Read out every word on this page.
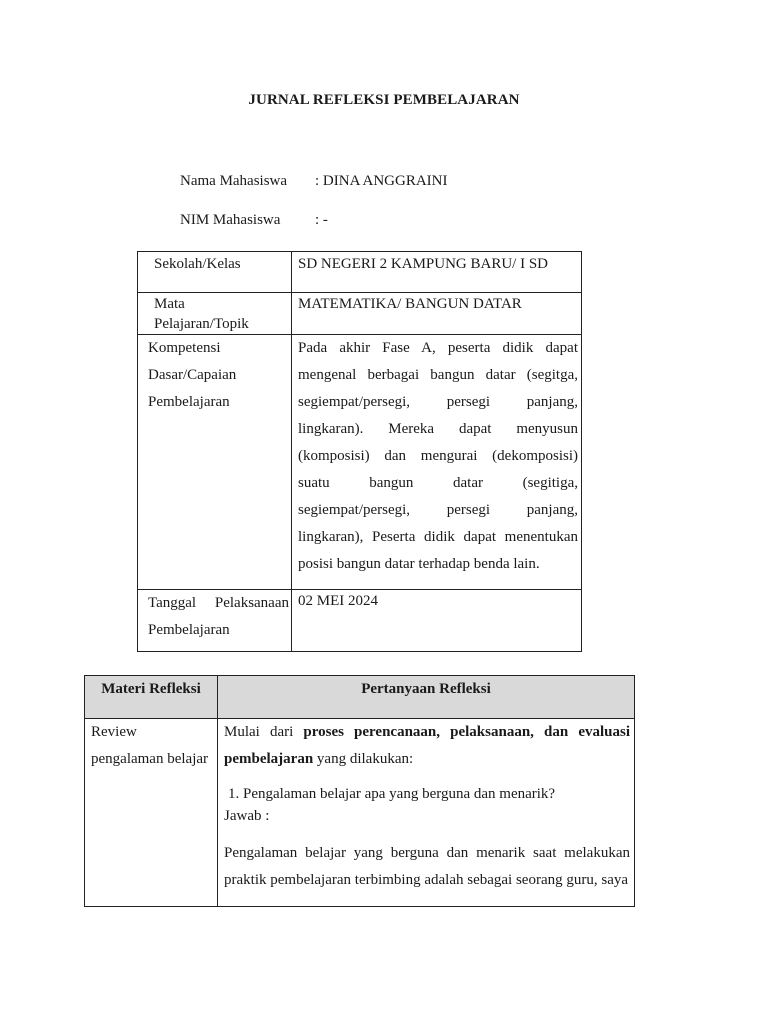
JURNAL REFLEKSI PEMBELAJARAN
Nama Mahasiswa : DINA ANGGRAINI
NIM Mahasiswa : -
Sekolah/Kelas	SD NEGERI 2 KAMPUNG BARU/ I SD

Mata Pelajaran/Topik	MATEMATIKA/ BANGUN DATAR

Kompetensi Dasar/Capaian Pembelajaran	Pada akhir Fase A, peserta didik dapat mengenal berbagai bangun datar (segitga, segiempat/persegi, persegi panjang, lingkaran). Mereka dapat menyusun (komposisi) dan mengurai (dekomposisi) suatu bangun datar (segitiga, segiempat/persegi, persegi panjang, lingkaran), Peserta didik dapat menentukan posisi bangun datar terhadap benda lain.

Tanggal Pelaksanaan Pembelajaran	02 MEI 2024
Materi Refleksi	Pertanyaan Refleksi

Review pengalaman belajar	Mulai dari proses perencanaan, pelaksanaan, dan evaluasi pembelajaran yang dilakukan:
1. Pengalaman belajar apa yang berguna dan menarik?
Jawab :
Pengalaman belajar yang berguna dan menarik saat melakukan praktik pembelajaran terbimbing adalah sebagai seorang guru, saya
